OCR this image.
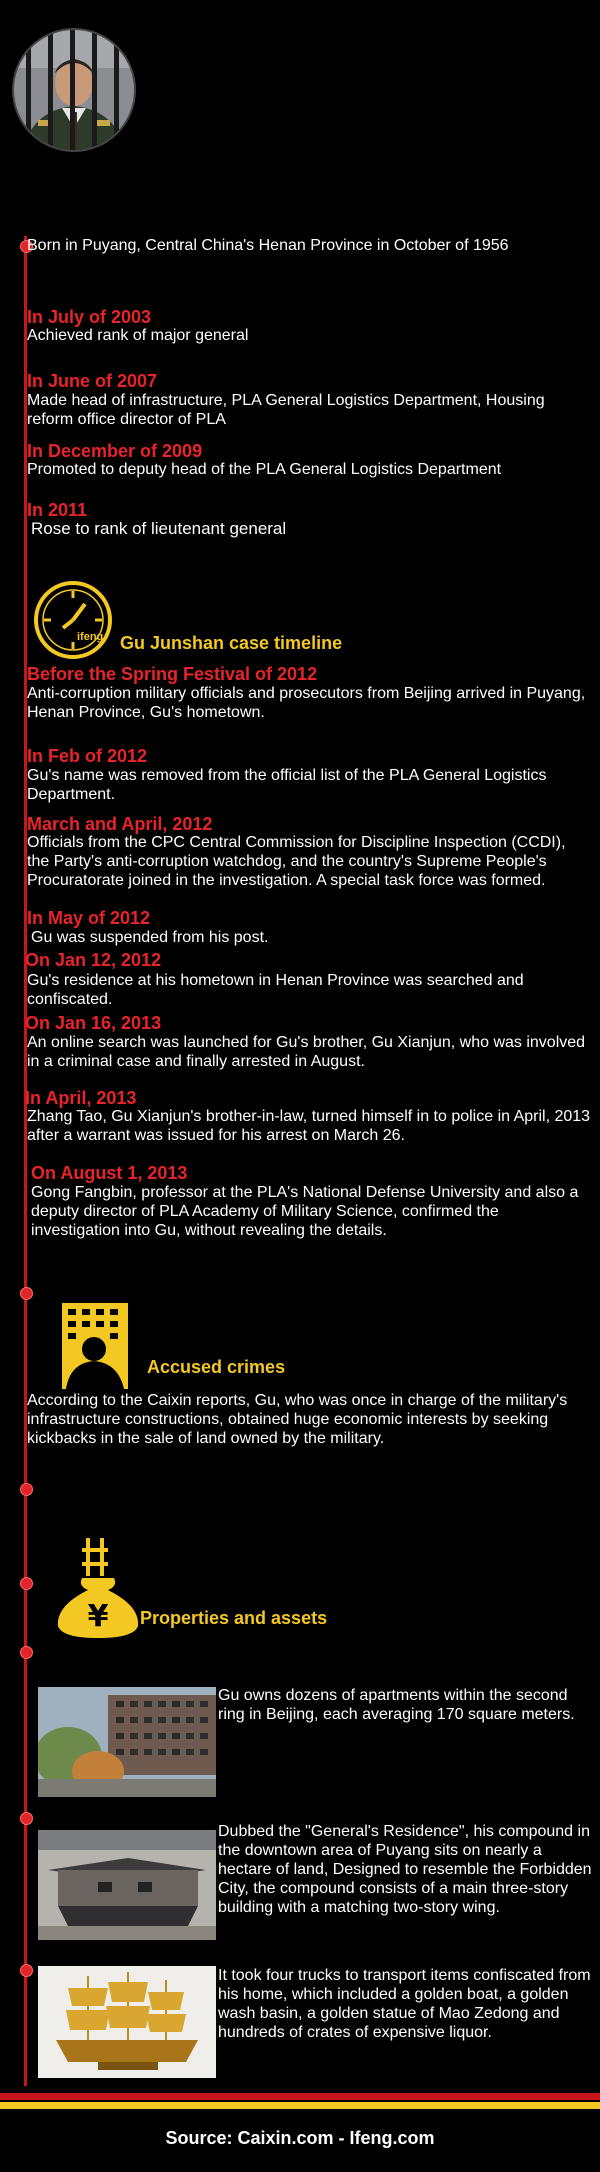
Born in Puyang, Central China's Henan Province in October of 1956
In July of 2003
Achieved rank of major general
In June of 2007
Made head of infrastructure, PLA General Logistics Department, Housing reform office director of PLA
In December of 2009
Promoted to deputy head of the PLA General Logistics Department
In 2011
Rose to rank of lieutenant general
ifeng Gu Junshan case timeline
Before the Spring Festival of 2012
Anti-corruption military officials and prosecutors from Beijing arrived in Puyang, Henan Province, Gu's hometown.
In Feb of 2012
Gu's name was removed from the official list of the PLA General Logistics Department.
March and April, 2012
Officials from the CPC Central Commission for Discipline Inspection (CCDI), the Party's anti-corruption watchdog, and the country's Supreme People's Procuratorate joined in the investigation. A special task force was formed.
In May of 2012
Gu was suspended from his post.
On Jan 12, 2012
Gu's residence at his hometown in Henan Province was searched and confiscated.
On Jan 16, 2013
An online search was launched for Gu's brother, Gu Xianjun, who was involved in a criminal case and finally arrested in August.
In April, 2013
Zhang Tao, Gu Xianjun's brother-in-law, turned himself in to police in April, 2013 after a warrant was issued for his arrest on March 26.
On August 1, 2013
Gong Fangbin, professor at the PLA's National Defense University and also a deputy director of PLA Academy of Military Science, confirmed the investigation into Gu, without revealing the details.
Accused crimes
According to the Caixin reports, Gu, who was once in charge of the military's infrastructure constructions, obtained huge economic interests by seeking kickbacks in the sale of land owned by the military.
¥ Properties and assets
Gu owns dozens of apartments within the second ring in Beijing, each averaging 170 square meters.
Dubbed the "General's Residence", his compound in the downtown area of Puyang sits on nearly a hectare of land, Designed to resemble the Forbidden City, the compound consists of a main three-story building with a matching two-story wing.
It took four trucks to transport items confiscated from his home, which included a golden boat, a golden wash basin, a golden statue of Mao Zedong and hundreds of crates of expensive liquor.
Source: Caixin.com - Ifeng.com
